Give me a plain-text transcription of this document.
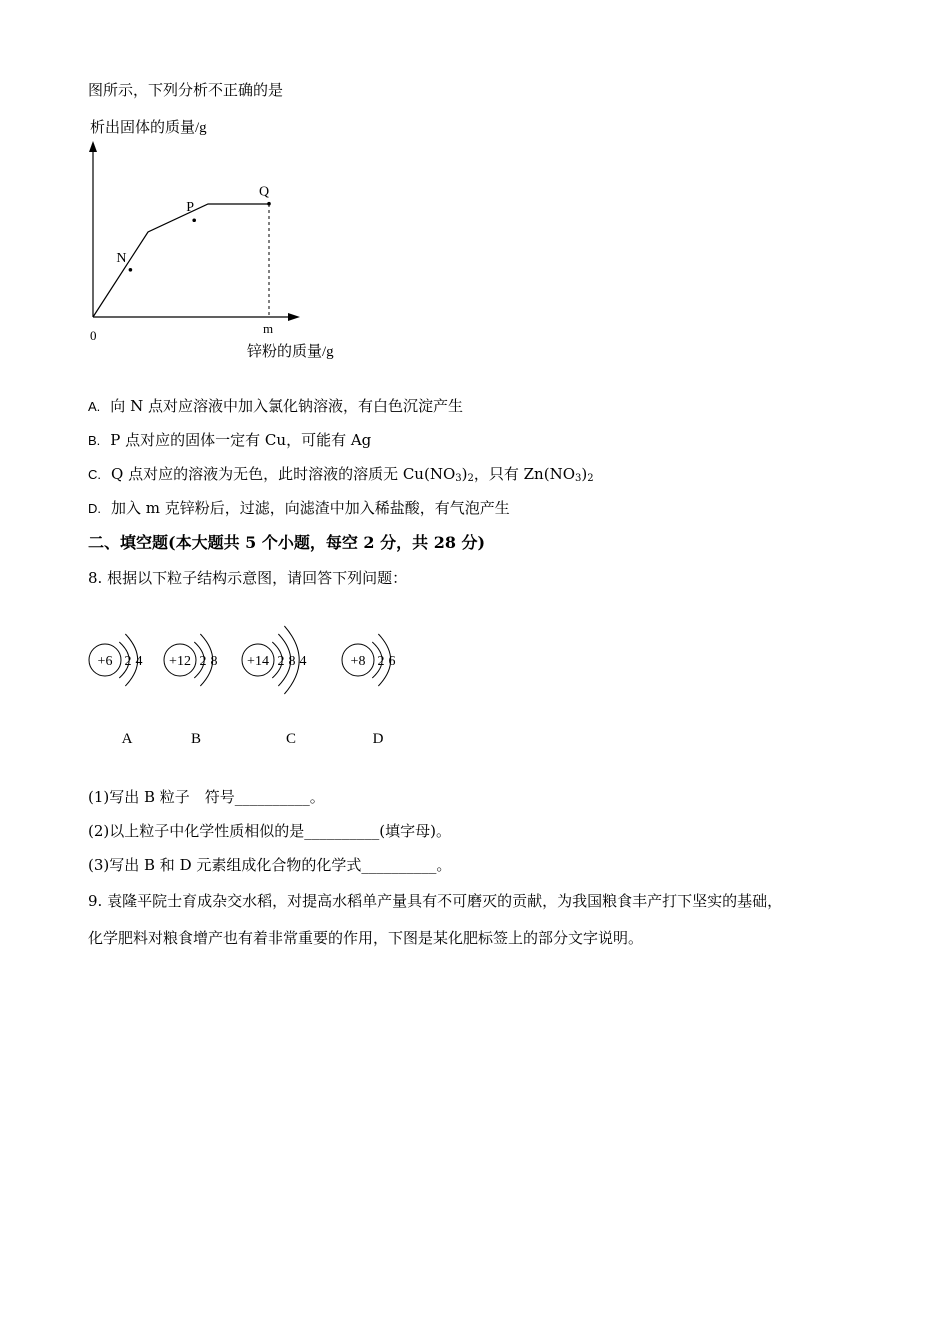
图所示，下列分析不正确的是
析出固体的质量/g
N
P
Q
0	m
锌粉的质量/g
A. 向 N 点对应溶液中加入氯化钠溶液，有白色沉淀产生
B. P 点对应的固体一定有 Cu，可能有 Ag
C. Q 点对应的溶液为无色，此时溶液的溶质无 $Cu(NO_3)_2$，只有 $Zn(NO_3)_2$
D. 加入 m 克锌粉后，过滤，向滤渣中加入稀盐酸，有气泡产生
二、填空题(本大题共 5 个小题，每空 2 分，共 28 分)
8. 根据以下粒子结构示意图，请回答下列问题：
+6 2 4
A
+12 2 8
B
+14 2 8 4
C
+8 2 6
D
(1)写出 B 粒子　符号__________。
(2)以上粒子中化学性质相似的是__________(填字母)。
(3)写出 B 和 D 元素组成化合物的化学式__________。
9. 袁隆平院士育成杂交水稻，对提高水稻单产量具有不可磨灭的贡献，为我国粮食丰产打下坚实的基础，
化学肥料对粮食增产也有着非常重要的作用，下图是某化肥标签上的部分文字说明。
